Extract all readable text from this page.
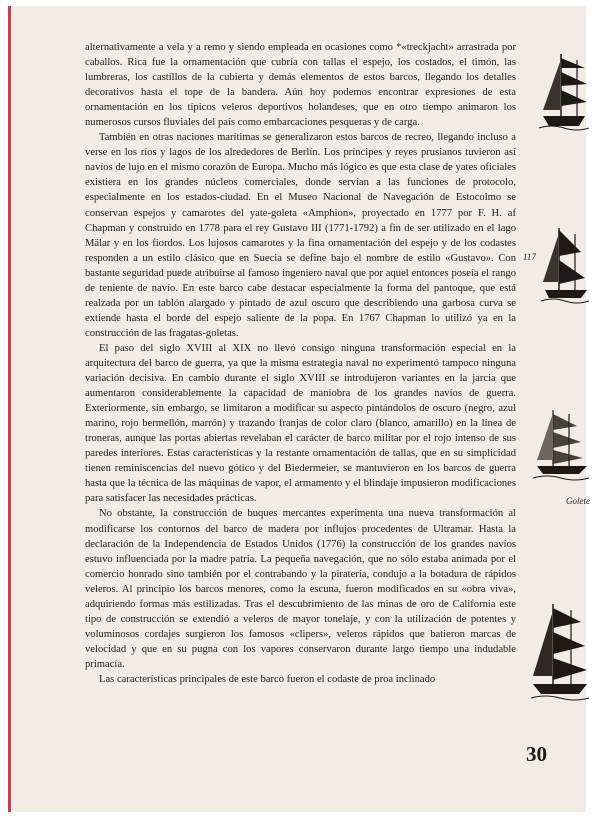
alternativamente a vela y a remo y siendo empleada en ocasiones como *«treckjacht» arrastrada por caballos. Rica fue la ornamentación que cubría con tallas el espejo, los costados, el timón, las lumbreras, los castillos de la cubierta y demás elementos de estos barcos, llegando los detalles decorativos hasta el tope de la bandera. Aún hoy podemos encontrar expresiones de esta ornamentación en los típicos veleros deportivos holandeses, que en otro tiempo animaron los numerosos cursos fluviales del país como embarcaciones pesqueras y de carga.

También en otras naciones marítimas se generalizaron estos barcos de recreo, llegando incluso a verse en los ríos y lagos de los alrededores de Berlín. Los príncipes y reyes prusianos tuvieron así navíos de lujo en el mismo corazón de Europa. Mucho más lógico es que esta clase de yates oficiales existiera en los grandes núcleos comerciales, donde servían a las funciones de protocolo, especialmente en los estados-ciudad. En el Museo Nacional de Navegación de Estocolmo se conservan espejos y camarotes del yate-goleta «Amphion», proyectado en 1777 por F. H. af Chapman y construido en 1778 para el rey Gustavo III (1771-1792) a fin de ser utilizado en el lago Mälar y en los fiordos. Los lujosos camarotes y la fina ornamentación del espejo y de los codastes responden a un estilo clásico que en Suecia se define bajo el nombre de estilo «Gustavo». Con bastante seguridad puede atribuirse al famoso ingeniero naval que por aquel entonces poseía el rango de teniente de navío. En este barco cabe destacar especialmente la forma del pantoque, que está realzada por un tablón alargado y pintado de azul oscuro que describiendo una garbosa curva se extiende hasta el borde del espejo saliente de la popa. En 1767 Chapman lo utilizó ya en la construcción de las fragatas-goletas.

El paso del siglo XVIII al XIX no llevó consigo ninguna transformación especial en la arquitectura del barco de guerra, ya que la misma estrategia naval no experimentó tampoco ninguna variación decisiva. En cambio durante el siglo XVIII se introdujeron variantes en la jarcia que aumentaron considerablemente la capacidad de maniobra de los grandes navíos de guerra. Exteriormente, sin embargo, se limitaron a modificar su aspecto pintándolos de oscuro (negro, azul marino, rojo bermellón, marrón) y trazando franjas de color claro (blanco, amarillo) en la línea de troneras, aunque las portas abiertas revelaban el carácter de barco militar por el rojo intenso de sus paredes interiores. Estas características y la restante ornamentación de tallas, que en su simplicidad tienen reminiscencias del nuevo gótico y del Biedermeier, se mantuvieron en los barcos de guerra hasta que la técnica de las máquinas de vapor, el armamento y el blindaje impusieron modificaciones para satisfacer las necesidades prácticas.

No obstante, la construcción de buques mercantes experimenta una nueva transformación al modificarse los contornos del barco de madera por influjos procedentes de Ultramar. Hasta la declaración de la Independencia de Estados Unidos (1776) la construcción de los grandes navíos estuvo influenciada por la madre patria. La pequeña navegación, que no sólo estaba animada por el comercio honrado sino también por el contrabando y la piratería, condujo a la botadura de rápidos veleros. Al principio los barcos menores, como la escuna, fueron modificados en su «obra viva», adquiriendo formas más estilizadas. Tras el descubrimiento de las minas de oro de California este tipo de construcción se extendió a veleros de mayor tonelaje, y con la utilización de potentes y voluminosos cordajes surgieron los famosos «clipers», veleros rápidos que batieron marcas de velocidad y que en su pugna con los vapores conservaron durante largo tiempo una indudable primacía.

Las características principales de este barco fueron el codaste de proa inclinado

Golete
117
30
